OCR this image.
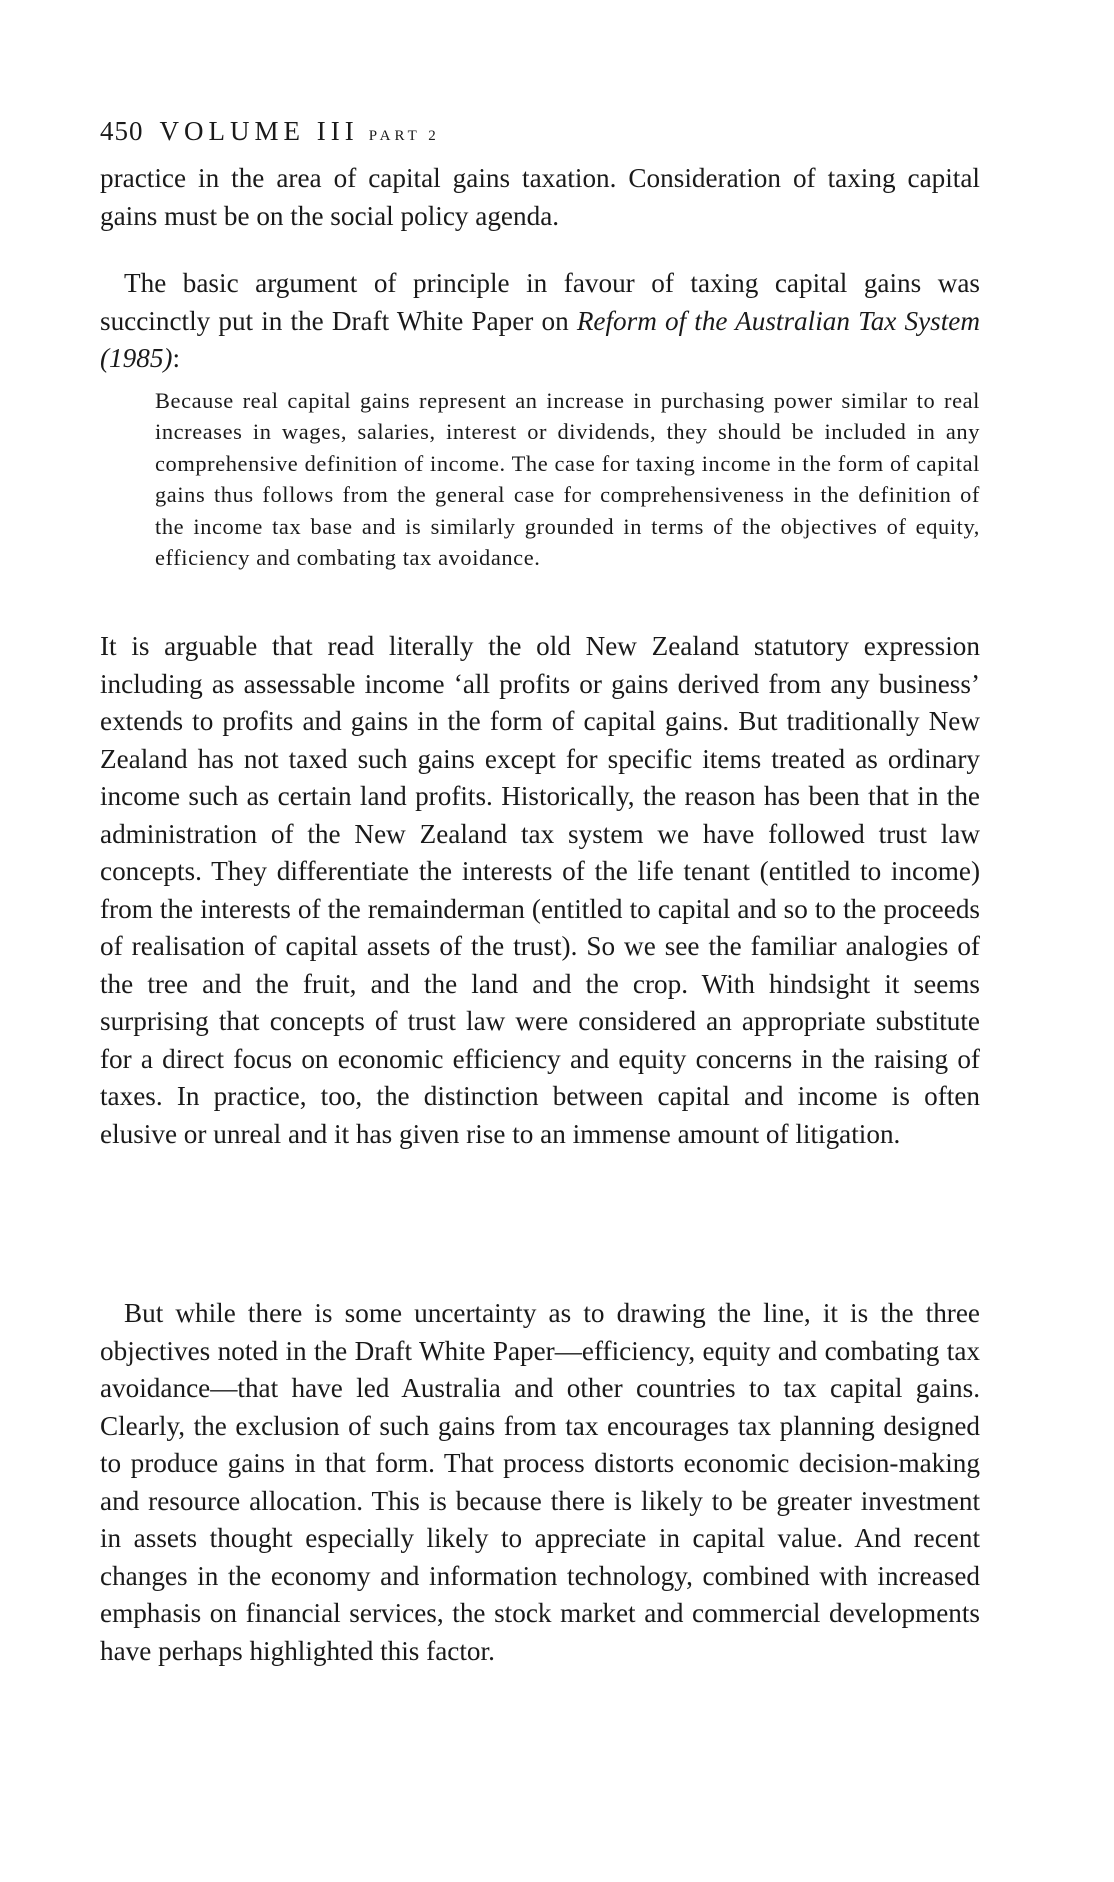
450 VOLUME III PART 2

practice in the area of capital gains taxation. Consideration of taxing capital gains must be on the social policy agenda.

The basic argument of principle in favour of taxing capital gains was succinctly put in the Draft White Paper on Reform of the Australian Tax System (1985):

Because real capital gains represent an increase in purchasing power similar to real increases in wages, salaries, interest or dividends, they should be included in any comprehensive definition of income. The case for taxing income in the form of capital gains thus follows from the general case for comprehensiveness in the definition of the income tax base and is similarly grounded in terms of the objectives of equity, efficiency and combating tax avoidance.

It is arguable that read literally the old New Zealand statutory expression including as assessable income ‘all profits or gains derived from any business’ extends to profits and gains in the form of capital gains. But traditionally New Zealand has not taxed such gains except for specific items treated as ordinary income such as certain land profits. Historically, the reason has been that in the administration of the New Zealand tax system we have followed trust law concepts. They differentiate the interests of the life tenant (entitled to income) from the interests of the remainderman (entitled to capital and so to the proceeds of realisation of capital assets of the trust). So we see the familiar analogies of the tree and the fruit, and the land and the crop. With hindsight it seems surprising that concepts of trust law were considered an appropriate substitute for a direct focus on economic efficiency and equity concerns in the raising of taxes. In practice, too, the distinction between capital and income is often elusive or unreal and it has given rise to an immense amount of litigation.

But while there is some uncertainty as to drawing the line, it is the three objectives noted in the Draft White Paper—efficiency, equity and combating tax avoidance—that have led Australia and other countries to tax capital gains. Clearly, the exclusion of such gains from tax encourages tax planning designed to produce gains in that form. That process distorts economic decision-making and resource allocation. This is because there is likely to be greater investment in assets thought especially likely to appreciate in capital value. And recent changes in the economy and information technology, combined with increased emphasis on financial services, the stock market and commercial developments have perhaps highlighted this factor.
